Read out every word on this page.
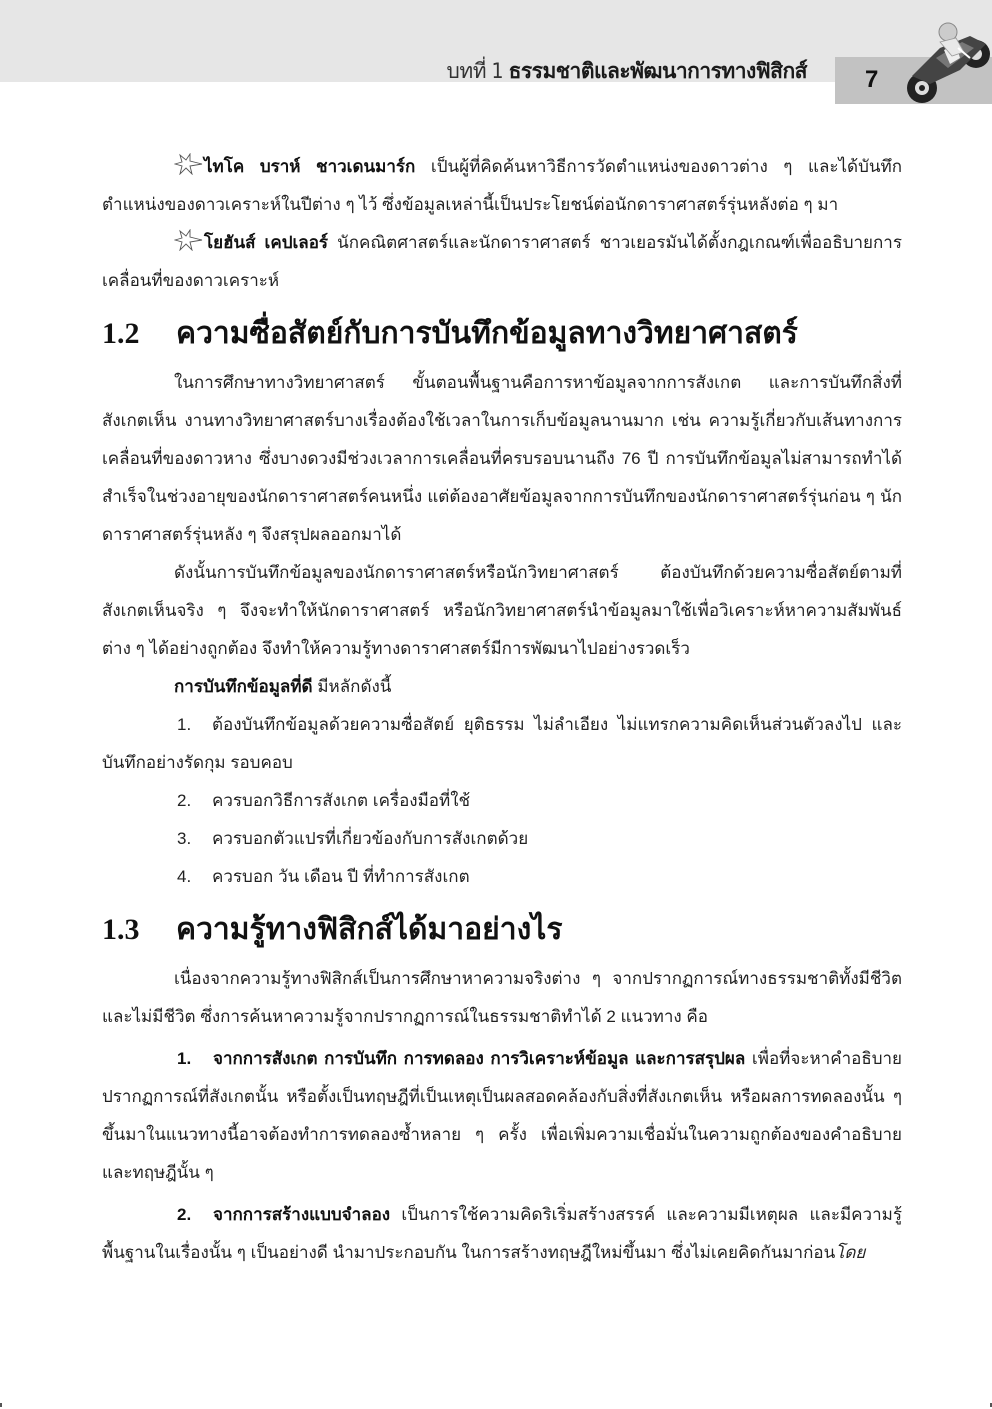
บทที่ 1 ธรรมชาติและพัฒนาการทางฟิสิกส์ 7

ไทโค บราห์ ชาวเดนมาร์ก เป็นผู้ที่คิดค้นหาวิธีการวัดตำแหน่งของดาวต่าง ๆ และได้บันทึกตำแหน่งของดาวเคราะห์ในปีต่าง ๆ ไว้ ซึ่งข้อมูลเหล่านี้เป็นประโยชน์ต่อนักดาราศาสตร์รุ่นหลังต่อ ๆ มา

โยฮันส์ เคปเลอร์ นักคณิตศาสตร์และนักดาราศาสตร์ ชาวเยอรมันได้ตั้งกฎเกณฑ์เพื่ออธิบายการเคลื่อนที่ของดาวเคราะห์

1.2	ความซื่อสัตย์กับการบันทึกข้อมูลทางวิทยาศาสตร์

ในการศึกษาทางวิทยาศาสตร์ ขั้นตอนพื้นฐานคือการหาข้อมูลจากการสังเกต และการบันทึกสิ่งที่สังเกตเห็น งานทางวิทยาศาสตร์บางเรื่องต้องใช้เวลาในการเก็บข้อมูลนานมาก เช่น ความรู้เกี่ยวกับเส้นทางการเคลื่อนที่ของดาวหาง ซึ่งบางดวงมีช่วงเวลาการเคลื่อนที่ครบรอบนานถึง 76 ปี การบันทึกข้อมูลไม่สามารถทำได้สำเร็จในช่วงอายุของนักดาราศาสตร์คนหนึ่ง แต่ต้องอาศัยข้อมูลจากการบันทึกของนักดาราศาสตร์รุ่นก่อน ๆ นักดาราศาสตร์รุ่นหลัง ๆ จึงสรุปผลออกมาได้

ดังนั้นการบันทึกข้อมูลของนักดาราศาสตร์หรือนักวิทยาศาสตร์ ต้องบันทึกด้วยความซื่อสัตย์ตามที่สังเกตเห็นจริง ๆ จึงจะทำให้นักดาราศาสตร์ หรือนักวิทยาศาสตร์นำข้อมูลมาใช้เพื่อวิเคราะห์หาความสัมพันธ์ต่าง ๆ ได้อย่างถูกต้อง จึงทำให้ความรู้ทางดาราศาสตร์มีการพัฒนาไปอย่างรวดเร็ว

การบันทึกข้อมูลที่ดี มีหลักดังนี้

1. ต้องบันทึกข้อมูลด้วยความซื่อสัตย์ ยุติธรรม ไม่ลำเอียง ไม่แทรกความคิดเห็นส่วนตัวลงไป และบันทึกอย่างรัดกุม รอบคอบ

2.	ควรบอกวิธีการสังเกต เครื่องมือที่ใช้

3.	ควรบอกตัวแปรที่เกี่ยวข้องกับการสังเกตด้วย

4.	ควรบอก วัน เดือน ปี ที่ทำการสังเกต

1.3	ความรู้ทางฟิสิกส์ได้มาอย่างไร

เนื่องจากความรู้ทางฟิสิกส์เป็นการศึกษาหาความจริงต่าง ๆ จากปรากฏการณ์ทางธรรมชาติทั้งมีชีวิตและไม่มีชีวิต ซึ่งการค้นหาความรู้จากปรากฏการณ์ในธรรมชาติทำได้ 2 แนวทาง คือ

1. จากการสังเกต การบันทึก การทดลอง การวิเคราะห์ข้อมูล และการสรุปผล เพื่อที่จะหาคำอธิบายปรากฏการณ์ที่สังเกตนั้น หรือตั้งเป็นทฤษฎีที่เป็นเหตุเป็นผลสอดคล้องกับสิ่งที่สังเกตเห็น หรือผลการทดลองนั้น ๆ ขึ้นมาในแนวทางนี้อาจต้องทำการทดลองซ้ำหลาย ๆ ครั้ง เพื่อเพิ่มความเชื่อมั่นในความถูกต้องของคำอธิบายและทฤษฎีนั้น ๆ

2. จากการสร้างแบบจำลอง เป็นการใช้ความคิดริเริ่มสร้างสรรค์ และความมีเหตุผล และมีความรู้พื้นฐานในเรื่องนั้น ๆ เป็นอย่างดี นำมาประกอบกัน ในการสร้างทฤษฎีใหม่ขึ้นมา ซึ่งไม่เคยคิดกันมาก่อนโดย
